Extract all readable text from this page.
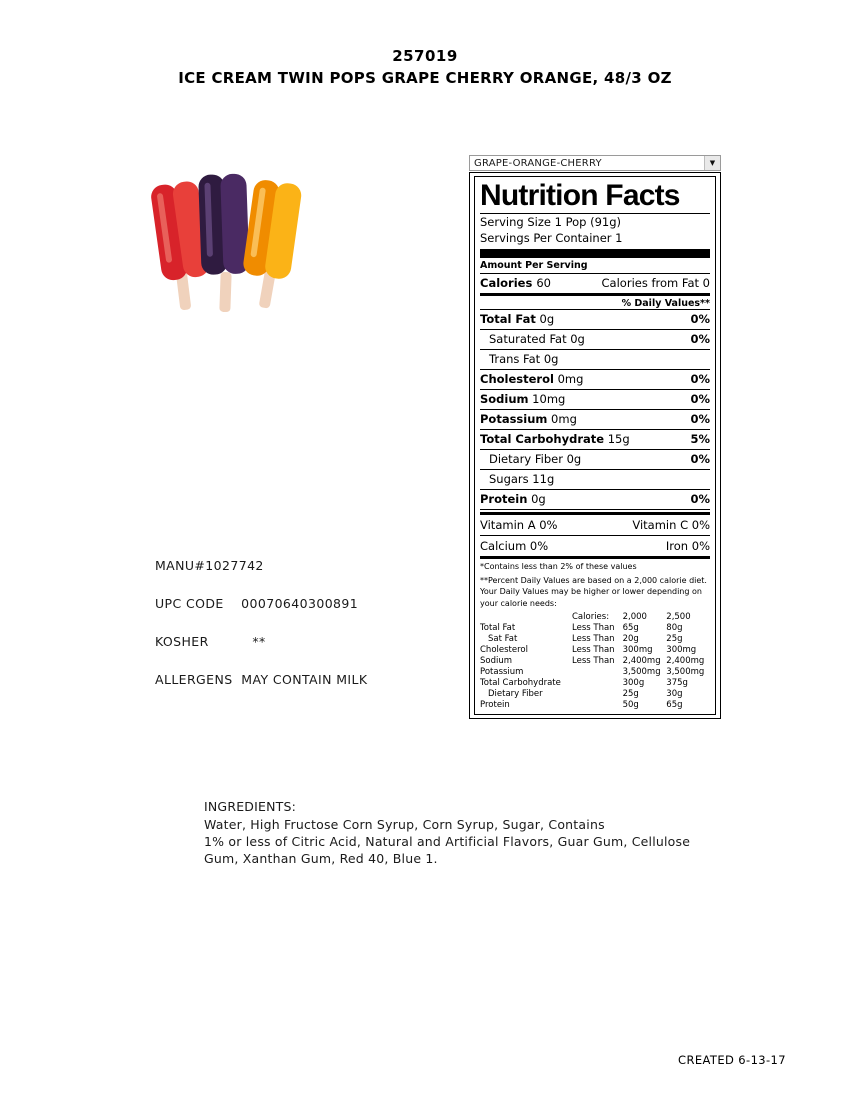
257019
ICE CREAM TWIN POPS GRAPE CHERRY ORANGE, 48/3 OZ
MANU#1027742
UPC CODE    00070640300891
KOSHER          **
ALLERGENS  MAY CONTAIN MILK
INGREDIENTS:
Water, High Fructose Corn Syrup, Corn Syrup, Sugar, Contains
1% or less of Citric Acid, Natural and Artificial Flavors, Guar Gum, Cellulose
Gum, Xanthan Gum, Red 40, Blue 1.
CREATED 6-13-17
GRAPE-ORANGE-CHERRY	▼
Nutrition Facts
Serving Size 1 Pop (91g)
Servings Per Container 1
Amount Per Serving
Calories 60	Calories from Fat 0
% Daily Values**
Total Fat 0g	0%
Saturated Fat 0g	0%
Trans Fat 0g
Cholesterol 0mg	0%
Sodium 10mg	0%
Potassium 0mg	0%
Total Carbohydrate 15g	5%
Dietary Fiber 0g	0%
Sugars 11g
Protein 0g	0%
Vitamin A 0%	Vitamin C 0%
Calcium 0%	Iron 0%
*Contains less than 2% of these values
**Percent Daily Values are based on a 2,000 calorie diet. Your Daily Values may be higher or lower depending on your calorie needs:
	Calories:	2,000	2,500
Total Fat	Less Than	65g	80g
Sat Fat	Less Than	20g	25g
Cholesterol	Less Than	300mg	300mg
Sodium	Less Than	2,400mg	2,400mg
Potassium		3,500mg	3,500mg
Total Carbohydrate		300g	375g
Dietary Fiber		25g	30g
Protein		50g	65g
